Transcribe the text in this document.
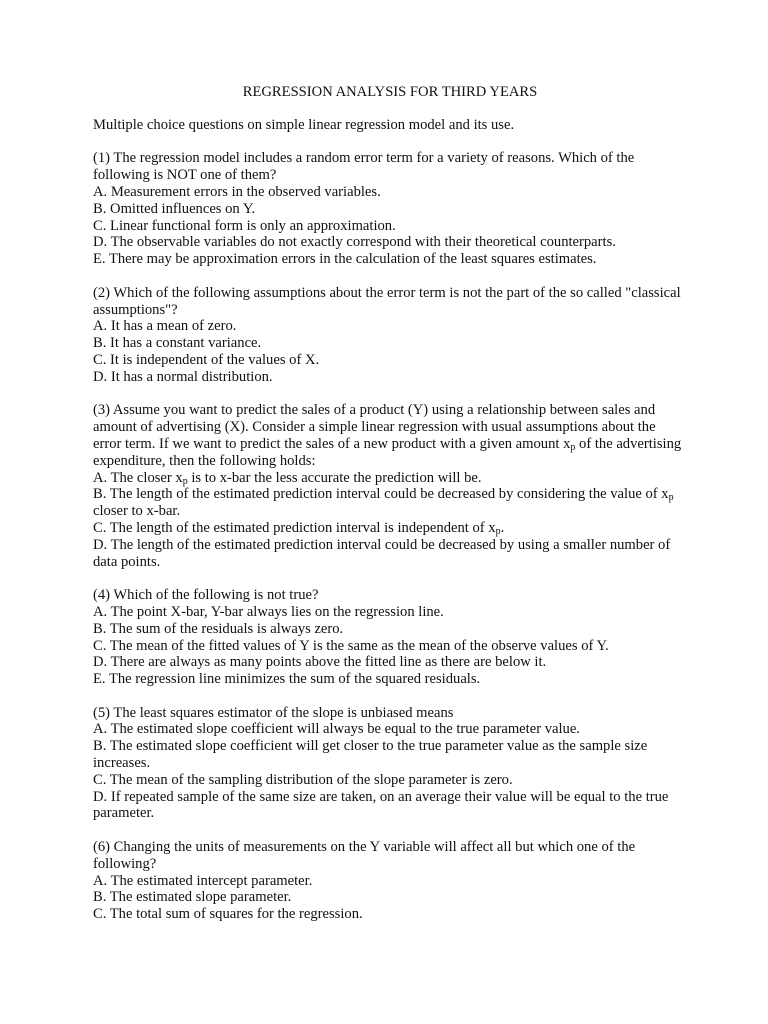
REGRESSION ANALYSIS FOR THIRD YEARS
Multiple choice questions on simple linear regression model and its use.
(1) The regression model includes a random error term for a variety of reasons. Which of the following is NOT one of them?
A. Measurement errors in the observed variables.
B. Omitted influences on Y.
C. Linear functional form is only an approximation.
D. The observable variables do not exactly correspond with their theoretical counterparts.
E. There may be approximation errors in the calculation of the least squares estimates.
(2) Which of the following assumptions about the error term is not the part of the so called "classical assumptions"?
A. It has a mean of zero.
B. It has a constant variance.
C. It is independent of the values of X.
D. It has a normal distribution.
(3) Assume you want to predict the sales of a product (Y) using a relationship between sales and amount of advertising (X). Consider a simple linear regression with usual assumptions about the error term. If we want to predict the sales of a new product with a given amount $x_p$ of the advertising expenditure, then the following holds:
A. The closer $x_p$ is to x-bar the less accurate the prediction will be.
B. The length of the estimated prediction interval could be decreased by considering the value of $x_p$ closer to x-bar.
C. The length of the estimated prediction interval is independent of $x_p$.
D. The length of the estimated prediction interval could be decreased by using a smaller number of data points.
(4) Which of the following is not true?
A. The point X-bar, Y-bar always lies on the regression line.
B. The sum of the residuals is always zero.
C. The mean of the fitted values of Y is the same as the mean of the observe values of Y.
D. There are always as many points above the fitted line as there are below it.
E. The regression line minimizes the sum of the squared residuals.
(5) The least squares estimator of the slope is unbiased means
A. The estimated slope coefficient will always be equal to the true parameter value.
B. The estimated slope coefficient will get closer to the true parameter value as the sample size increases.
C. The mean of the sampling distribution of the slope parameter is zero.
D. If repeated sample of the same size are taken, on an average their value will be equal to the true parameter.
(6) Changing the units of measurements on the Y variable will affect all but which one of the following?
A. The estimated intercept parameter.
B. The estimated slope parameter.
C. The total sum of squares for the regression.
